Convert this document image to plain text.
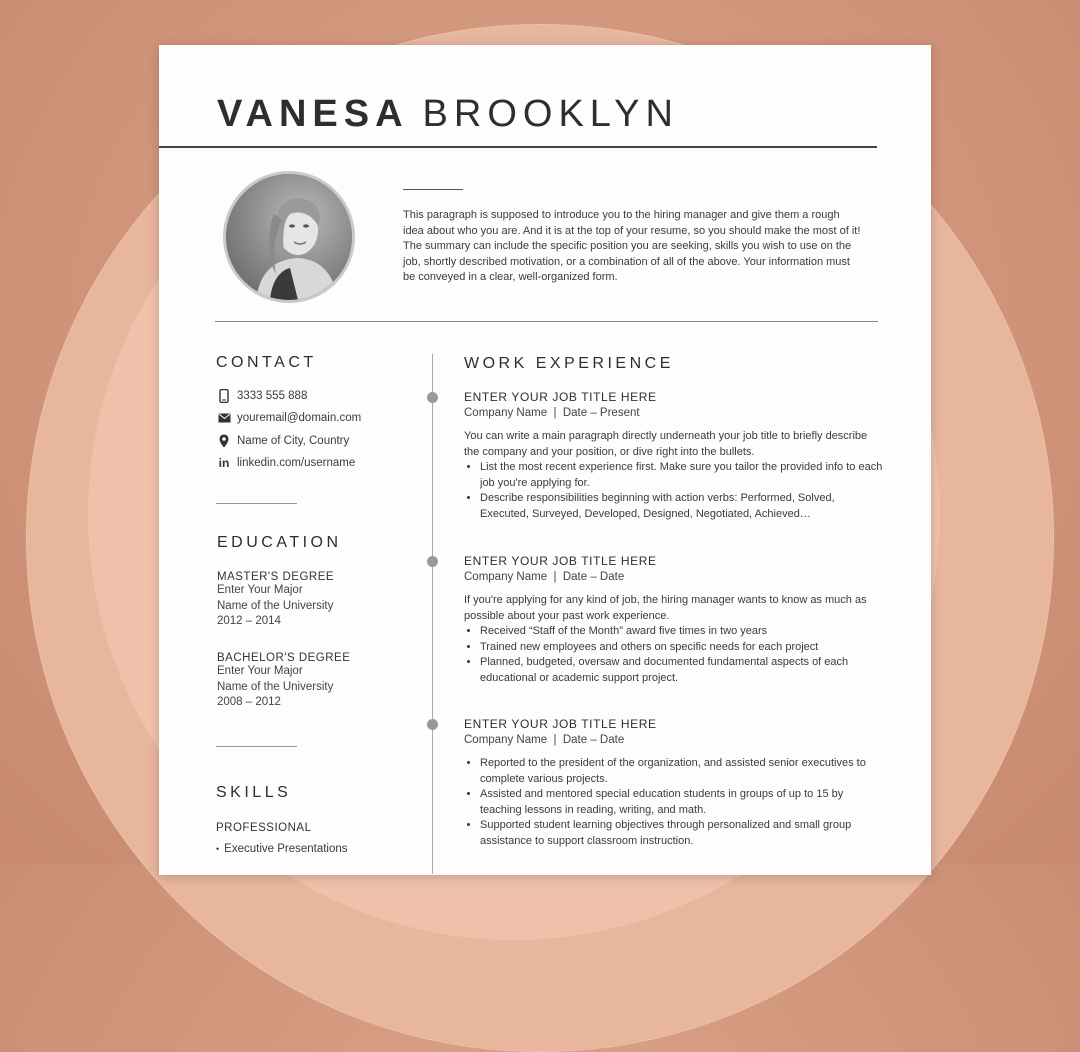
VANESA BROOKLYN
This paragraph is supposed to introduce you to the hiring manager and give them a rough idea about who you are. And it is at the top of your resume, so you should make the most of it! The summary can include the specific position you are seeking, skills you wish to use on the job, shortly described motivation, or a combination of all of the above. Your information must be conveyed in a clear, well-organized form.
CONTACT
3333 555 888
youremail@domain.com
Name of City, Country
in linkedin.com/username
EDUCATION
MASTER'S DEGREE
Enter Your Major
Name of the University
2012 – 2014
BACHELOR'S DEGREE
Enter Your Major
Name of the University
2008 – 2012
SKILLS
PROFESSIONAL
• Executive Presentations
WORK EXPERIENCE
ENTER YOUR JOB TITLE HERE
Company Name  |  Date – Present
You can write a main paragraph directly underneath your job title to briefly describe the company and your position, or dive right into the bullets.
• List the most recent experience first. Make sure you tailor the provided info to each job you're applying for.
• Describe responsibilities beginning with action verbs: Performed, Solved, Executed, Surveyed, Developed, Designed, Negotiated, Achieved…
ENTER YOUR JOB TITLE HERE
Company Name  |  Date – Date
If you're applying for any kind of job, the hiring manager wants to know as much as possible about your past work experience.
• Received “Staff of the Month” award five times in two years
• Trained new employees and others on specific needs for each project
• Planned, budgeted, oversaw and documented fundamental aspects of each educational or academic support project.
ENTER YOUR JOB TITLE HERE
Company Name  |  Date – Date
• Reported to the president of the organization, and assisted senior executives to complete various projects.
• Assisted and mentored special education students in groups of up to 15 by teaching lessons in reading, writing, and math.
• Supported student learning objectives through personalized and small group assistance to support classroom instruction.
